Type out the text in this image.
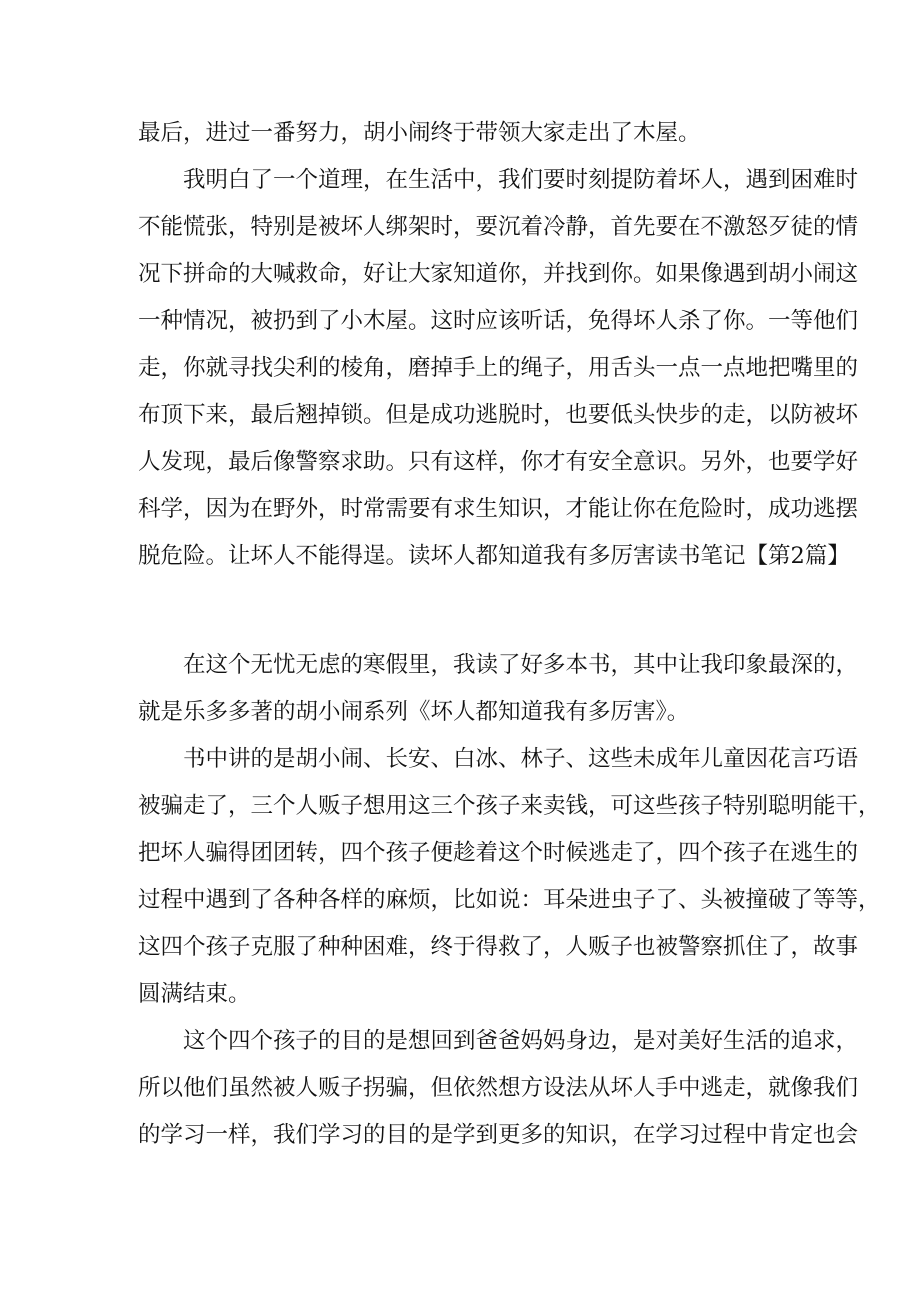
最后，进过一番努力，胡小闹终于带领大家走出了木屋。
我明白了一个道理，在生活中，我们要时刻提防着坏人，遇到困难时
不能慌张，特别是被坏人绑架时，要沉着冷静，首先要在不激怒歹徒的情
况下拼命的大喊救命，好让大家知道你，并找到你。如果像遇到胡小闹这
一种情况，被扔到了小木屋。这时应该听话，免得坏人杀了你。一等他们
走，你就寻找尖利的棱角，磨掉手上的绳子，用舌头一点一点地把嘴里的
布顶下来，最后翘掉锁。但是成功逃脱时，也要低头快步的走，以防被坏
人发现，最后像警察求助。只有这样，你才有安全意识。另外，也要学好
科学，因为在野外，时常需要有求生知识，才能让你在危险时，成功逃摆
脱危险。让坏人不能得逞。读坏人都知道我有多厉害读书笔记【第2篇】
在这个无忧无虑的寒假里，我读了好多本书，其中让我印象最深的，
就是乐多多著的胡小闹系列《坏人都知道我有多厉害》。
书中讲的是胡小闹、长安、白冰、林子、这些未成年儿童因花言巧语
被骗走了，三个人贩子想用这三个孩子来卖钱，可这些孩子特别聪明能干，
把坏人骗得团团转，四个孩子便趁着这个时候逃走了，四个孩子在逃生的
过程中遇到了各种各样的麻烦，比如说：耳朵进虫子了、头被撞破了等等，
这四个孩子克服了种种困难，终于得救了，人贩子也被警察抓住了，故事
圆满结束。
这个四个孩子的目的是想回到爸爸妈妈身边，是对美好生活的追求，
所以他们虽然被人贩子拐骗，但依然想方设法从坏人手中逃走，就像我们
的学习一样，我们学习的目的是学到更多的知识，在学习过程中肯定也会
